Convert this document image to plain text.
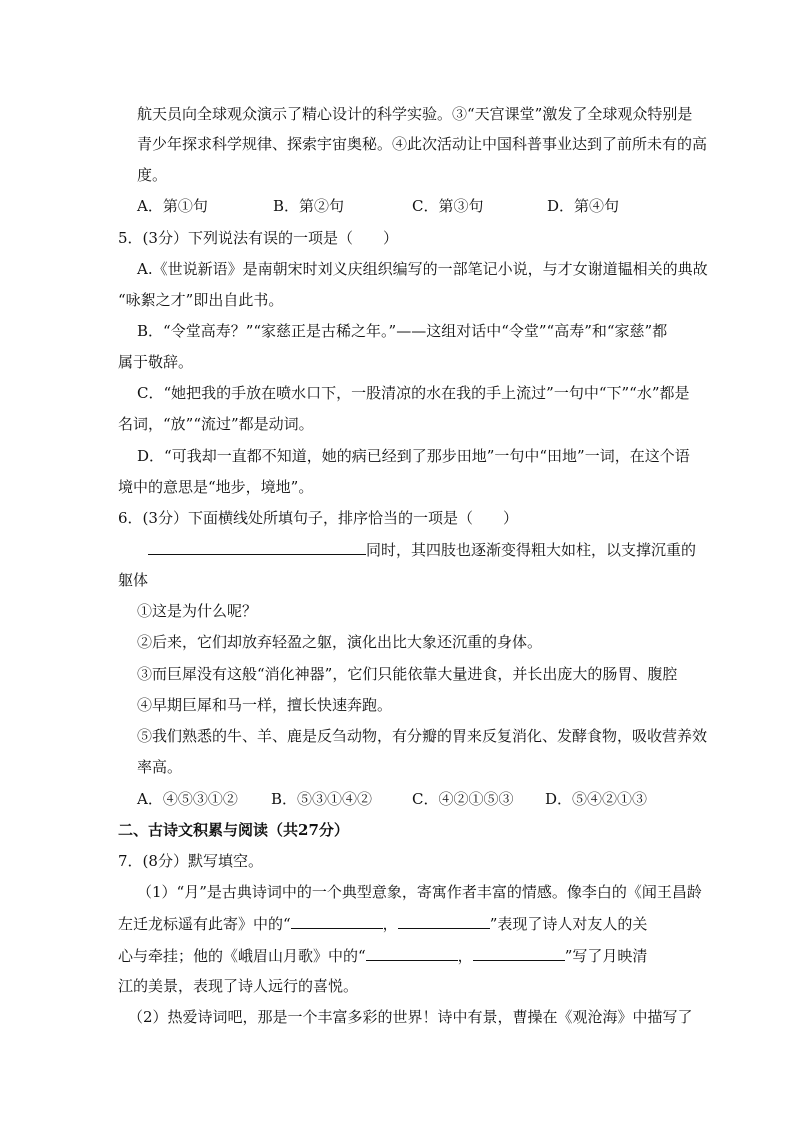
航天员向全球观众演示了精心设计的科学实验。③“天宫课堂”激发了全球观众特别是
青少年探求科学规律、探索宇宙奥秘。④此次活动让中国科普事业达到了前所未有的高
度。
A．第①句	B．第②句	C．第③句	D．第④句
5．(3分）下列说法有误的一项是（　　）
A.《世说新语》是南朝宋时刘义庆组织编写的一部笔记小说，与才女谢道韫相关的典故
“咏絮之才”即出自此书。
B．“令堂高寿？”“家慈正是古稀之年。”——这组对话中“令堂”“高寿”和“家慈”都
属于敬辞。
C．“她把我的手放在喷水口下，一股清凉的水在我的手上流过”一句中“下”“水”都是
名词，“放”“流过”都是动词。
D．“可我却一直都不知道，她的病已经到了那步田地”一句中“田地”一词，在这个语
境中的意思是“地步，境地”。
6．(3分）下面横线处所填句子，排序恰当的一项是（　　）
同时，其四肢也逐渐变得粗大如柱，以支撑沉重的
躯体
①这是为什么呢？
②后来，它们却放弃轻盈之躯，演化出比大象还沉重的身体。
③而巨犀没有这般“消化神器”，它们只能依靠大量进食，并长出庞大的肠胃、腹腔
④早期巨犀和马一样，擅长快速奔跑。
⑤我们熟悉的牛、羊、鹿是反刍动物，有分瓣的胃来反复消化、发酵食物，吸收营养效
率高。
A．④⑤③①② B．⑤③①④②	C．④②①⑤③ D．⑤④②①③
二、古诗文积累与阅读（共27分）
7．(8分）默写填空。
（1）“月”是古典诗词中的一个典型意象，寄寓作者丰富的情感。像李白的《闻王昌龄
左迁龙标遥有此寄》中的“	，	”表现了诗人对友人的关
心与牵挂；他的《峨眉山月歌》中的“	，	”写了月映清
江的美景，表现了诗人远行的喜悦。
（2）热爱诗词吧，那是一个丰富多彩的世界！诗中有景，曹操在《观沧海》中描写了
